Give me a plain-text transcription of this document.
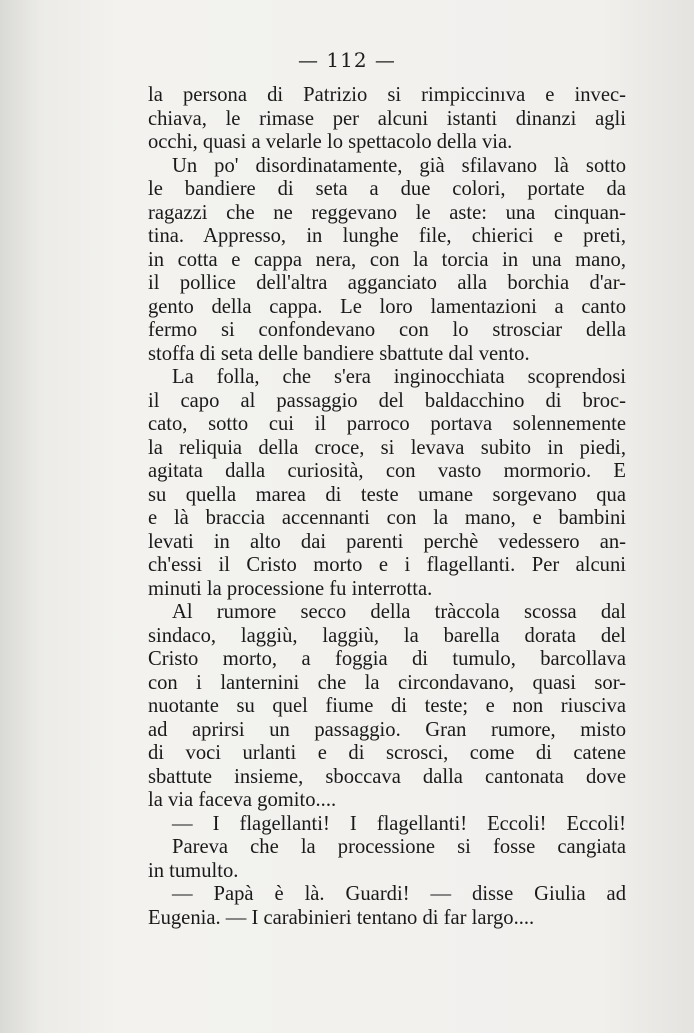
— 112 —
la persona di Patrizio si rimpiccinıva e invec-
chiava, le rimase per alcuni istanti dinanzi agli
occhi, quasi a velarle lo spettacolo della via.
Un po' disordinatamente, già sfilavano là sotto
le bandiere di seta a due colori, portate da
ragazzi che ne reggevano le aste: una cinquan-
tina. Appresso, in lunghe file, chierici e preti,
in cotta e cappa nera, con la torcia in una mano,
il pollice dell'altra agganciato alla borchia d'ar-
gento della cappa. Le loro lamentazioni a canto
fermo si confondevano con lo strosciar della
stoffa di seta delle bandiere sbattute dal vento.
La folla, che s'era inginocchiata scoprendosi
il capo al passaggio del baldacchino di broc-
cato, sotto cui il parroco portava solennemente
la reliquia della croce, si levava subito in piedi,
agitata dalla curiosità, con vasto mormorio. E
su quella marea di teste umane sorgevano qua
e là braccia accennanti con la mano, e bambini
levati in alto dai parenti perchè vedessero an-
ch'essi il Cristo morto e i flagellanti. Per alcuni
minuti la processione fu interrotta.
Al rumore secco della tràccola scossa dal
sindaco, laggiù, laggiù, la barella dorata del
Cristo morto, a foggia di tumulo, barcollava
con i lanternini che la circondavano, quasi sor-
nuotante su quel fiume di teste; e non riusciva
ad aprirsi un passaggio. Gran rumore, misto
di voci urlanti e di scrosci, come di catene
sbattute insieme, sboccava dalla cantonata dove
la via faceva gomito....
— I flagellanti! I flagellanti! Eccoli! Eccoli!
Pareva che la processione si fosse cangiata
in tumulto.
— Papà è là. Guardi! — disse Giulia ad
Eugenia. — I carabinieri tentano di far largo....
